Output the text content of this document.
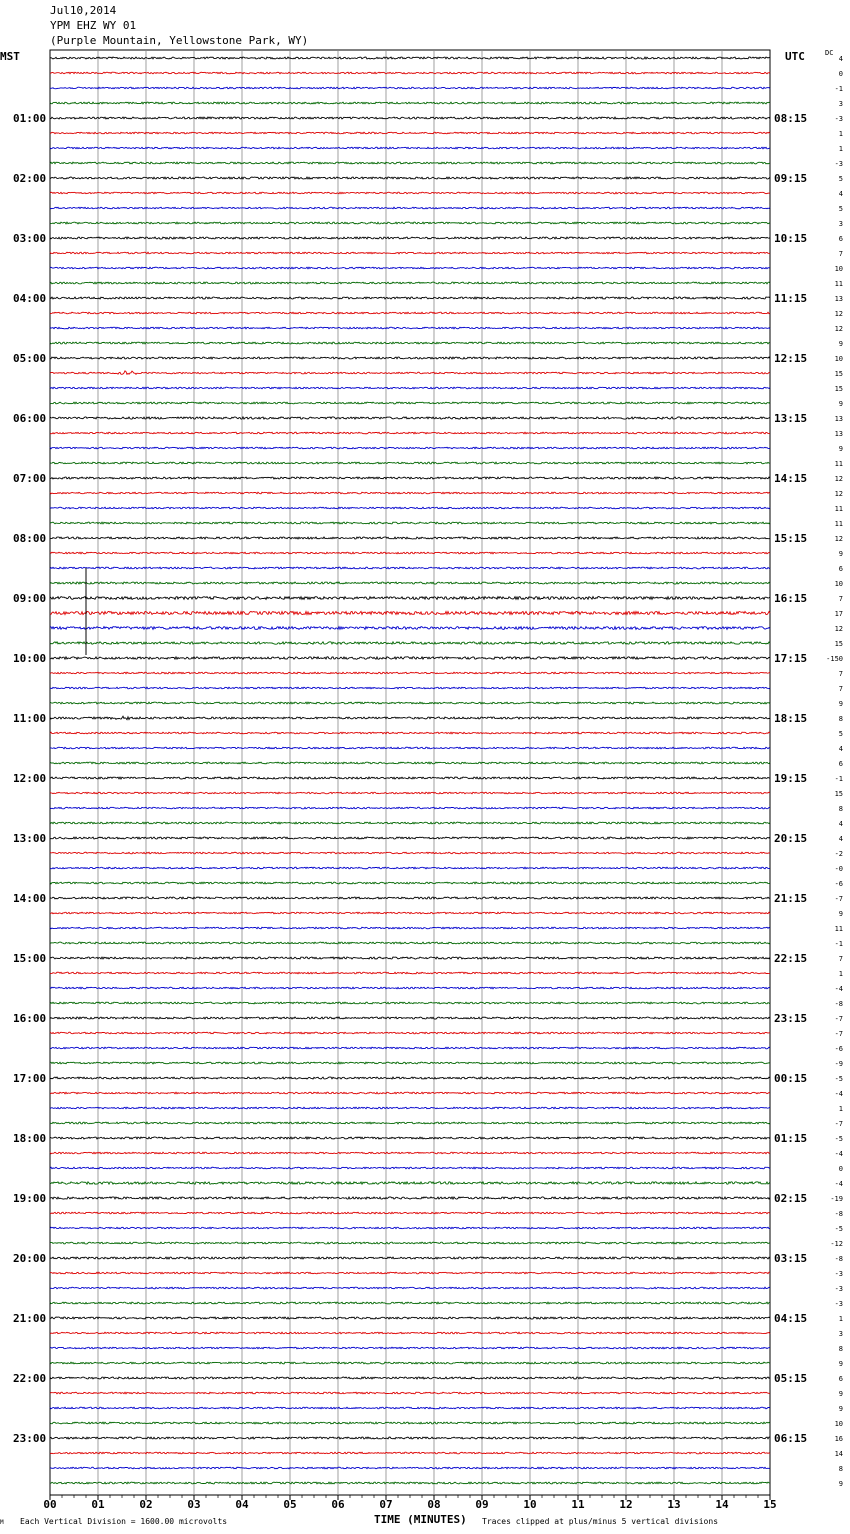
Jul10,2014
YPM EHZ WY 01
(Purple Mountain, Yellowstone Park, WY)
MST	UTC	DC
00	01	02	03	04	05	06	07	08	09	10	11	12	13	14	15
4
0
-1
3
-3
1
1
-3
5
4
5
3
6
7
10
11
13
12
12
9
10
15
15
9
13
13
9
11
12
12
11
11
12
9
6
10
7
17
12
15
-150
7
7
9
8
5
4
6
-1
15
8
4
4
-2
-0
-6
-7
9
11
-1
7
1
-4
-8
-7
-7
-6
-9
-5
-4
1
-7
-5
-4
0
-4
-19
-8
-5
-12
-8
-3
-3
-3
1
3
8
9
6
9
9
10
16
14
8
9
01:00	08:15
02:00	09:15
03:00	10:15
04:00	11:15
05:00	12:15
06:00	13:15
07:00	14:15
08:00	15:15
09:00	16:15
10:00	17:15
11:00	18:15
12:00	19:15
13:00	20:15
14:00	21:15
15:00	22:15
16:00	23:15
17:00	00:15
18:00	01:15
19:00	02:15
20:00	03:15
21:00	04:15
22:00	05:15
23:00	06:15
M Each Vertical Division = 1600.00 microvolts	TIME (MINUTES) Traces clipped at plus/minus 5 vertical divisions
